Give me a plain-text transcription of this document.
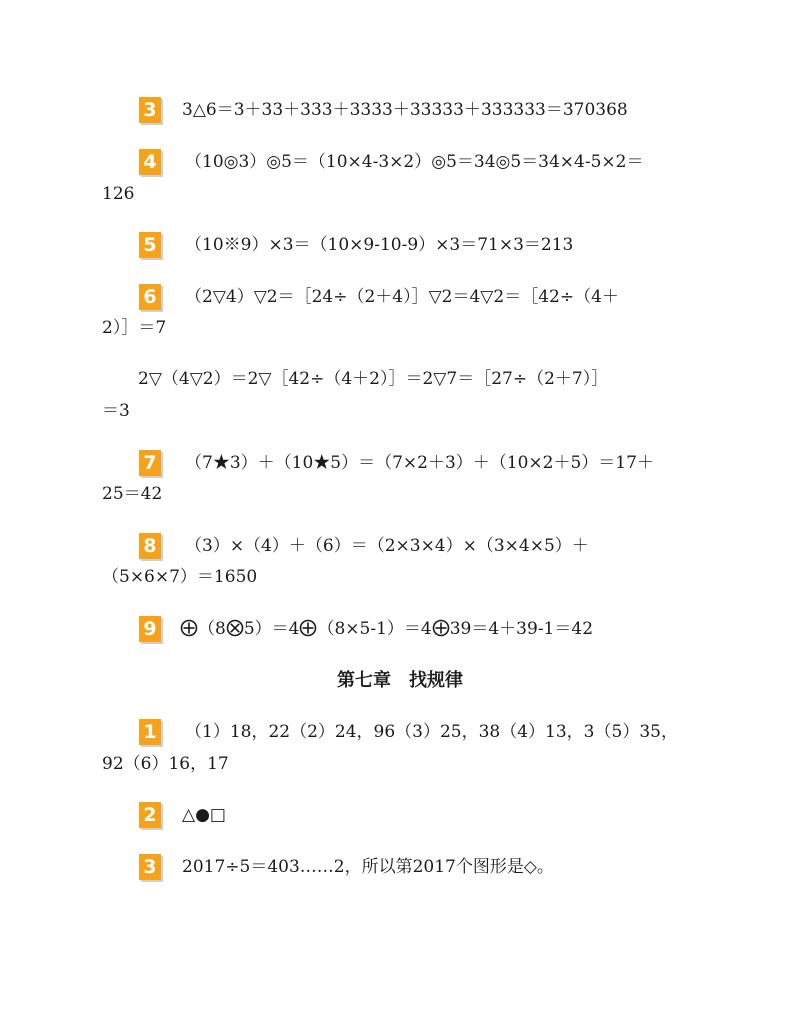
3 3△6＝3＋33＋333＋3333＋33333＋333333＝370368
4 （10◎3）◎5＝（10×4-3×2）◎5＝34◎5＝34×4-5×2＝
126
5 （10※9）×3＝（10×9-10-9）×3＝71×3＝213
6 （2▽4）▽2＝［24÷（2＋4）］▽2＝4▽2＝［42÷（4＋
2）］＝7
2▽（4▽2）＝2▽［42÷（4＋2）］＝2▽7＝［27÷（2＋7）］
＝3
7 （7★3）＋（10★5）＝（7×2＋3）＋（10×2＋5）＝17＋
25＝42
8 （3）×（4）＋（6）＝（2×3×4）×（3×4×5）＋
（5×6×7）＝1650
9	（8 5）＝4 （8×5-1）＝4 39＝4＋39-1＝42
第七章　找规律
1 （1）18，22（2）24，96（3）25，38（4）13，3（5）35，
92（6）16，17
2 △●□
3 2017÷5＝403……2，所以第2017个图形是◇。
